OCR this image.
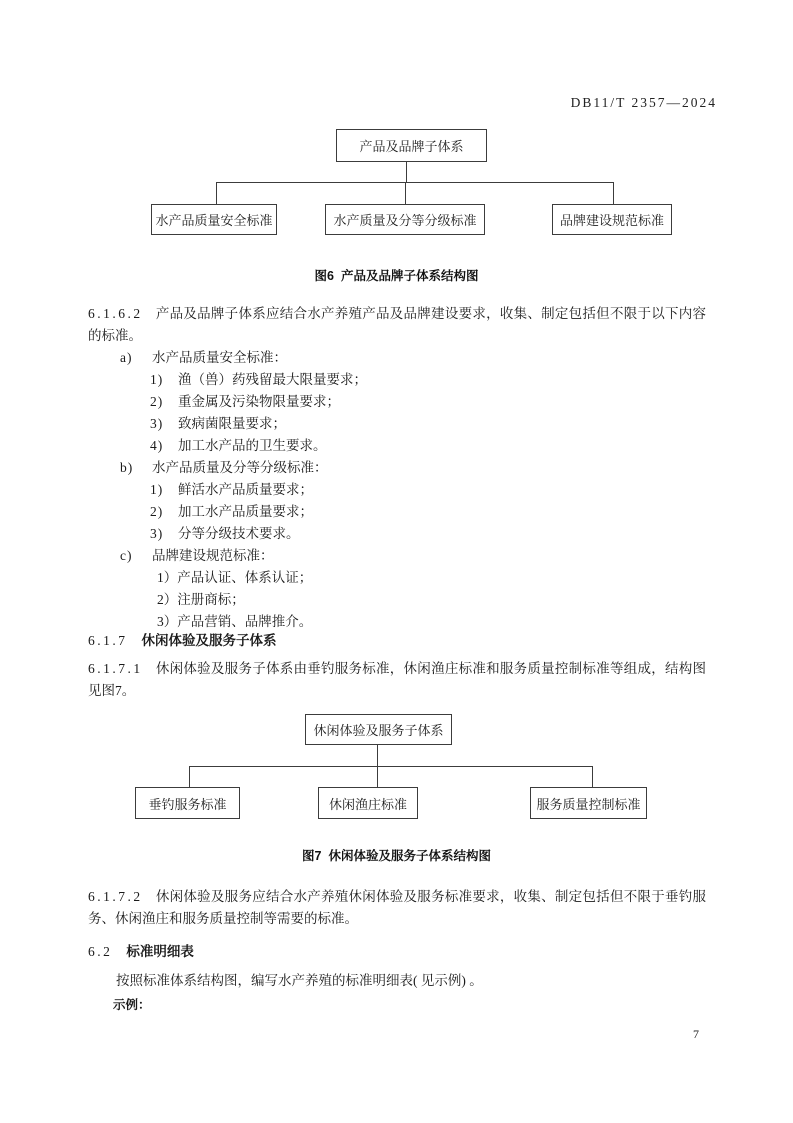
DB11/T 2357—2024
产品及品牌子体系
水产品质量安全标准	水产质量及分等分级标准	品牌建设规范标准
图6  产品及品牌子体系结构图

6.1.6.2 产品及品牌子体系应结合水产养殖产品及品牌建设要求，收集、制定包括但不限于以下内容的标准。

a) 水产品质量安全标准：
1) 渔（兽）药残留最大限量要求；
2) 重金属及污染物限量要求；
3) 致病菌限量要求；
4) 加工水产品的卫生要求。
b) 水产品质量及分等分级标准：
1) 鲜活水产品质量要求；
2) 加工水产品质量要求；
3) 分等分级技术要求。
c) 品牌建设规范标准：
1）产品认证、体系认证；
2）注册商标；
3）产品营销、品牌推介。
6.1.7 休闲体验及服务子体系

6.1.7.1 休闲体验及服务子体系由垂钓服务标准，休闲渔庄标准和服务质量控制标准等组成，结构图见图7。

休闲体验及服务子体系
垂钓服务标准	休闲渔庄标准	服务质量控制标准
图7  休闲体验及服务子体系结构图

6.1.7.2 休闲体验及服务应结合水产养殖休闲体验及服务标准要求，收集、制定包括但不限于垂钓服务、休闲渔庄和服务质量控制等需要的标准。

6.2 标准明细表
按照标准体系结构图，编写水产养殖的标准明细表( 见示例) 。
示例：
7
